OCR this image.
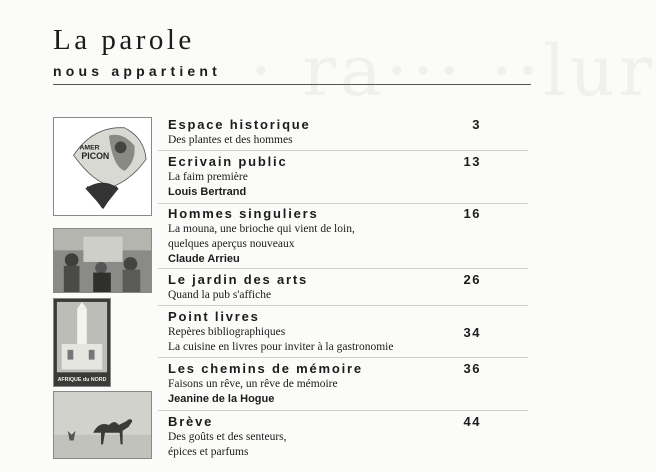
· ra··· ··lur
La parole
nous appartient
AMER
PICON
AFRIQUE du NORD
Espace historique	3
Des plantes et des hommes
Ecrivain public	13
La faim première
Louis Bertrand
Hommes singuliers	16
La mouna, une brioche qui vient de loin,
quelques aperçus nouveaux
Claude Arrieu
Le jardin des arts	26
Quand la pub s'affiche
Point livres
Repères bibliographiques	34
La cuisine en livres pour inviter à la gastronomie
Les chemins de mémoire	36
Faisons un rêve, un rêve de mémoire
Jeanine de la Hogue
Brève	44
Des goûts et des senteurs,
épices et parfums
